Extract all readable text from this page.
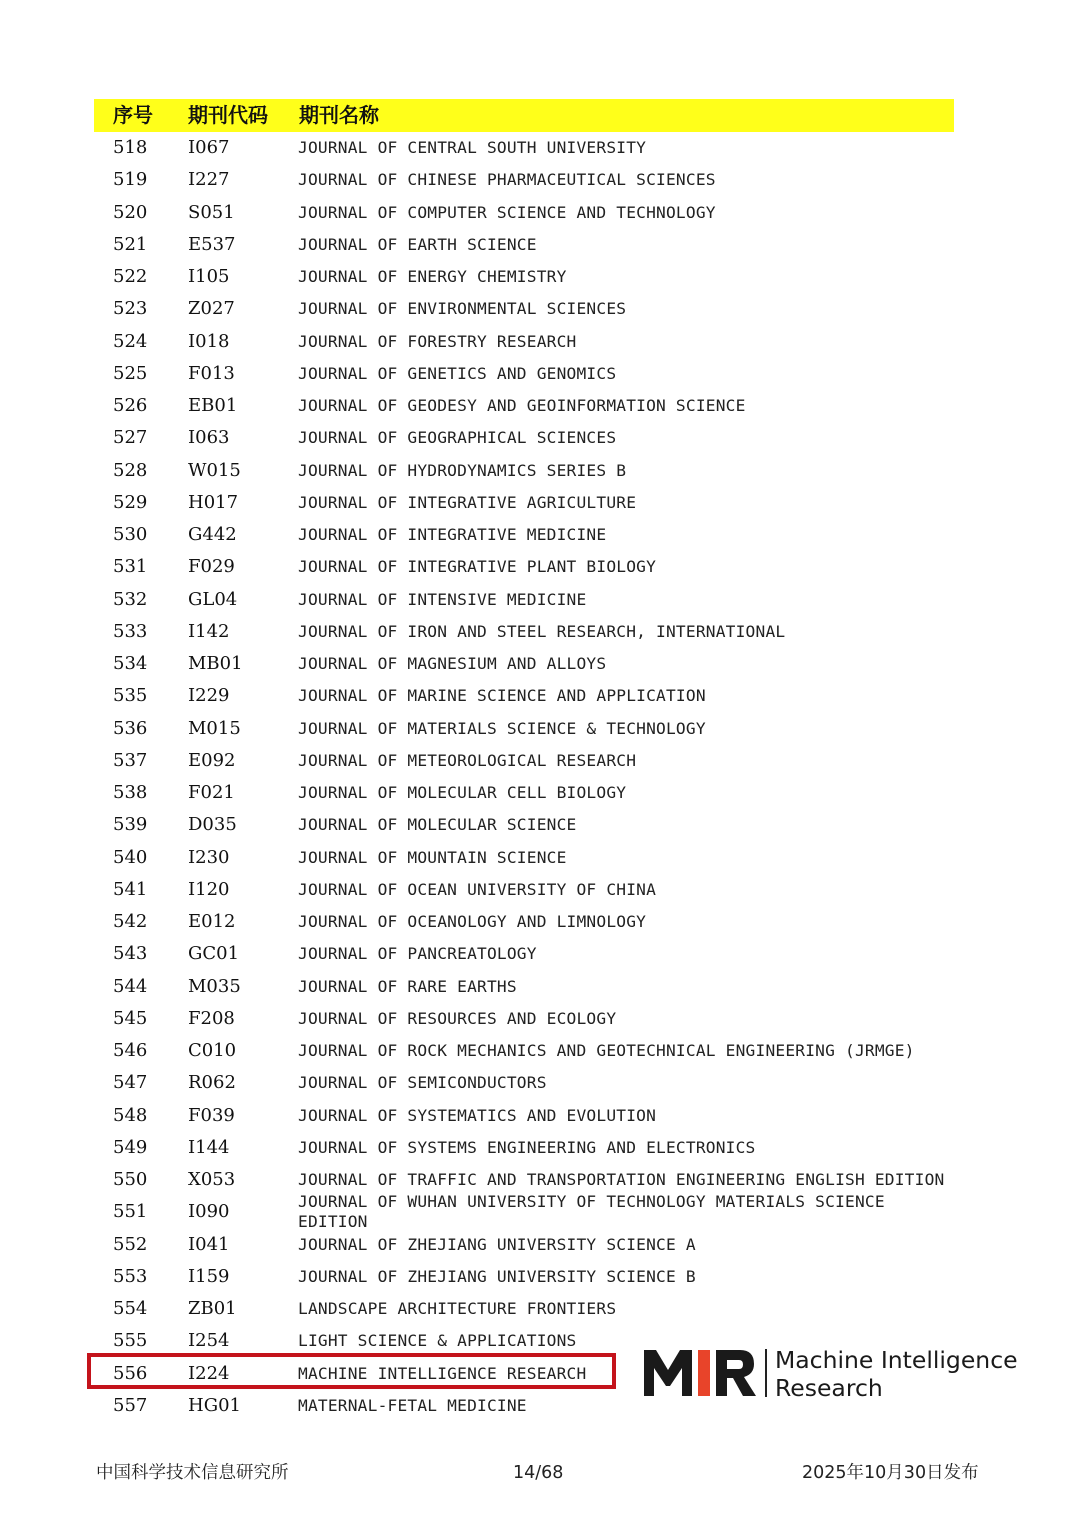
序号 期刊代码 期刊名称
518 I067	JOURNAL OF CENTRAL SOUTH UNIVERSITY
519 I227	JOURNAL OF CHINESE PHARMACEUTICAL SCIENCES
520 S051	JOURNAL OF COMPUTER SCIENCE AND TECHNOLOGY
521 E537	JOURNAL OF EARTH SCIENCE
522 I105	JOURNAL OF ENERGY CHEMISTRY
523 Z027	JOURNAL OF ENVIRONMENTAL SCIENCES
524 I018	JOURNAL OF FORESTRY RESEARCH
525 F013	JOURNAL OF GENETICS AND GENOMICS
526 EB01	JOURNAL OF GEODESY AND GEOINFORMATION SCIENCE
527 I063	JOURNAL OF GEOGRAPHICAL SCIENCES
528 W015	JOURNAL OF HYDRODYNAMICS SERIES B
529 H017	JOURNAL OF INTEGRATIVE AGRICULTURE
530 G442	JOURNAL OF INTEGRATIVE MEDICINE
531 F029	JOURNAL OF INTEGRATIVE PLANT BIOLOGY
532 GL04	JOURNAL OF INTENSIVE MEDICINE
533 I142	JOURNAL OF IRON AND STEEL RESEARCH, INTERNATIONAL
534 MB01	JOURNAL OF MAGNESIUM AND ALLOYS
535 I229	JOURNAL OF MARINE SCIENCE AND APPLICATION
536 M015	JOURNAL OF MATERIALS SCIENCE & TECHNOLOGY
537 E092	JOURNAL OF METEOROLOGICAL RESEARCH
538 F021	JOURNAL OF MOLECULAR CELL BIOLOGY
539 D035	JOURNAL OF MOLECULAR SCIENCE
540 I230	JOURNAL OF MOUNTAIN SCIENCE
541 I120	JOURNAL OF OCEAN UNIVERSITY OF CHINA
542 E012	JOURNAL OF OCEANOLOGY AND LIMNOLOGY
543 GC01	JOURNAL OF PANCREATOLOGY
544 M035	JOURNAL OF RARE EARTHS
545 F208	JOURNAL OF RESOURCES AND ECOLOGY
546 C010	JOURNAL OF ROCK MECHANICS AND GEOTECHNICAL ENGINEERING (JRMGE)
547 R062	JOURNAL OF SEMICONDUCTORS
548 F039	JOURNAL OF SYSTEMATICS AND EVOLUTION
549 I144	JOURNAL OF SYSTEMS ENGINEERING AND ELECTRONICS
550 X053	JOURNAL OF TRAFFIC AND TRANSPORTATION ENGINEERING ENGLISH EDITION
551 I090	JOURNAL OF WUHAN UNIVERSITY OF TECHNOLOGY MATERIALS SCIENCE EDITION
552 I041	JOURNAL OF ZHEJIANG UNIVERSITY SCIENCE A
553 I159	JOURNAL OF ZHEJIANG UNIVERSITY SCIENCE B
554 ZB01	LANDSCAPE ARCHITECTURE FRONTIERS
555 I254	LIGHT SCIENCE & APPLICATIONS
556 I224	MACHINE INTELLIGENCE RESEARCH
557 HG01	MATERNAL-FETAL MEDICINE
Machine Intelligence
Research
中国科学技术信息研究所	14/68	2025年10月30日发布
